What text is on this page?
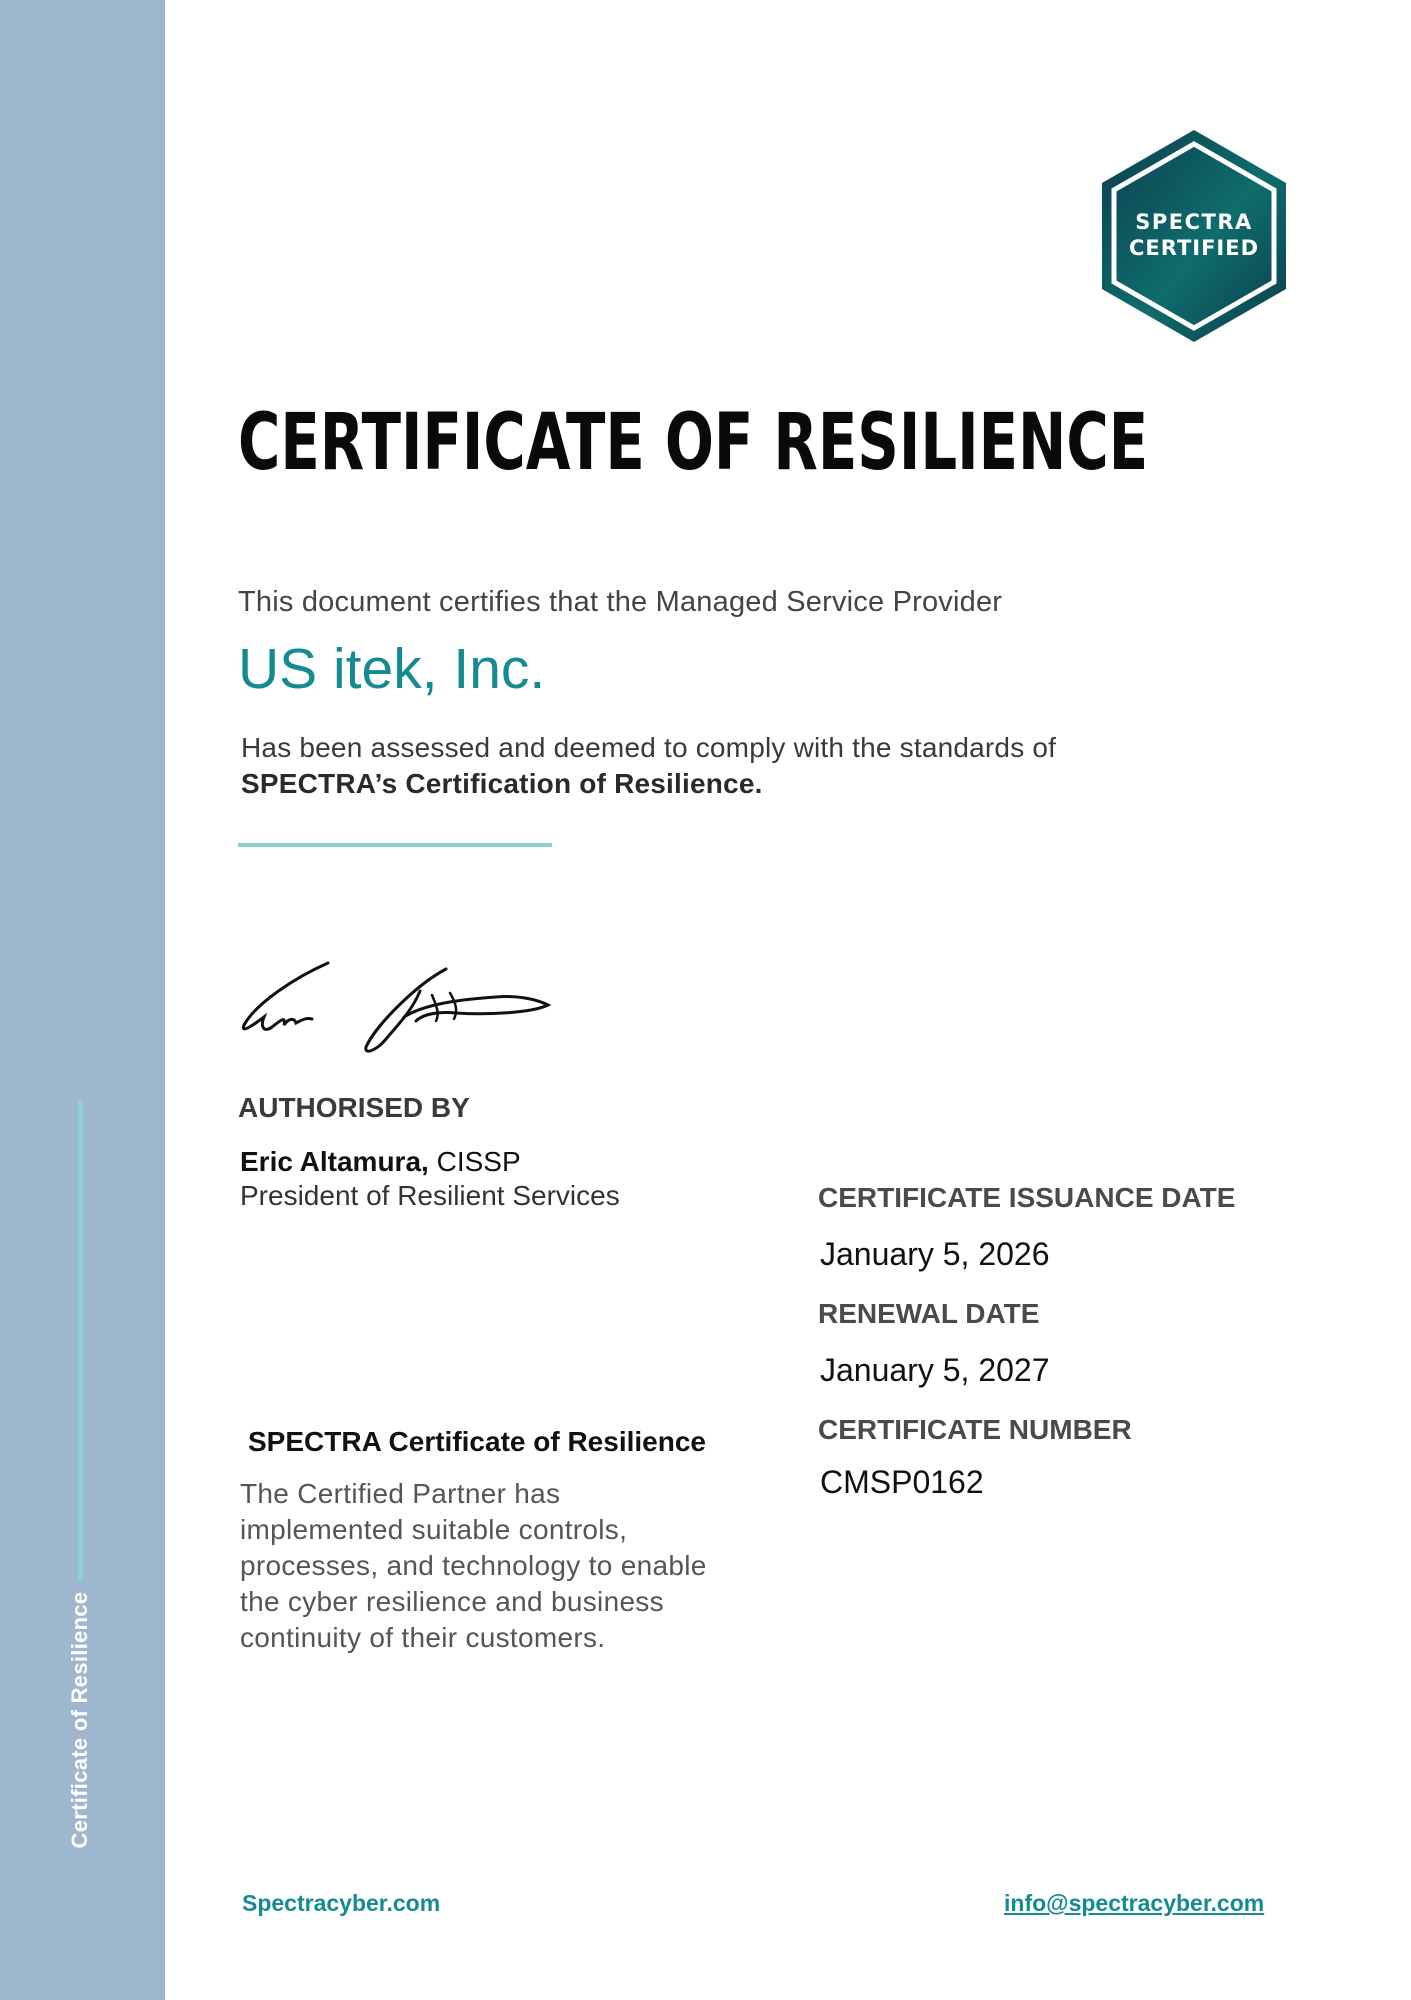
Certificate of Resilience
SPECTRA
CERTIFIED
CERTIFICATE OF RESILIENCE
This document certifies that the Managed Service Provider
US itek, Inc.
Has been assessed and deemed to comply with the standards of
SPECTRA’s Certification of Resilience.
AUTHORISED BY
Eric Altamura, CISSP
President of Resilient Services
SPECTRA Certificate of Resilience
The Certified Partner has implemented suitable controls, processes, and technology to enable the cyber resilience and business continuity of their customers.
CERTIFICATE ISSUANCE DATE
January 5, 2026
RENEWAL DATE
January 5, 2027
CERTIFICATE NUMBER
CMSP0162
Spectracyber.com	info@spectracyber.com
